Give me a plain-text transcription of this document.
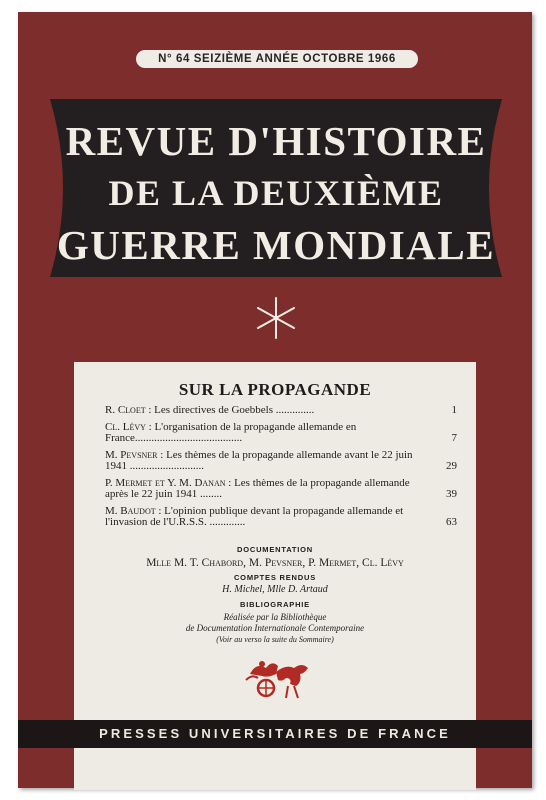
N° 64 SEIZIÈME ANNÉE OCTOBRE 1966
REVUE D'HISTOIRE
DE LA DEUXIÈME
GUERRE MONDIALE
SUR LA PROPAGANDE
R. Cloet : Les directives de Goebbels ..............	1
Cl. Lévy : L'organisation de la propagande allemande en France.......................................	7
M. Pevsner : Les thèmes de la propagande allemande avant le 22 juin 1941 ...........................	29
P. Mermet et Y. M. Danan : Les thèmes de la propagande allemande après le 22 juin 1941 ........	39
M. Baudot : L'opinion publique devant la propagande allemande et l'invasion de l'U.R.S.S. .............	63
DOCUMENTATION
Mlle M. T. Chabord, M. Pevsner, P. Mermet, Cl. Lévy
COMPTES RENDUS
H. Michel, Mlle D. Artaud
BIBLIOGRAPHIE
Réalisée par la Bibliothèque
de Documentation Internationale Contemporaine
(Voir au verso la suite du Sommaire)
PRESSES UNIVERSITAIRES DE FRANCE
